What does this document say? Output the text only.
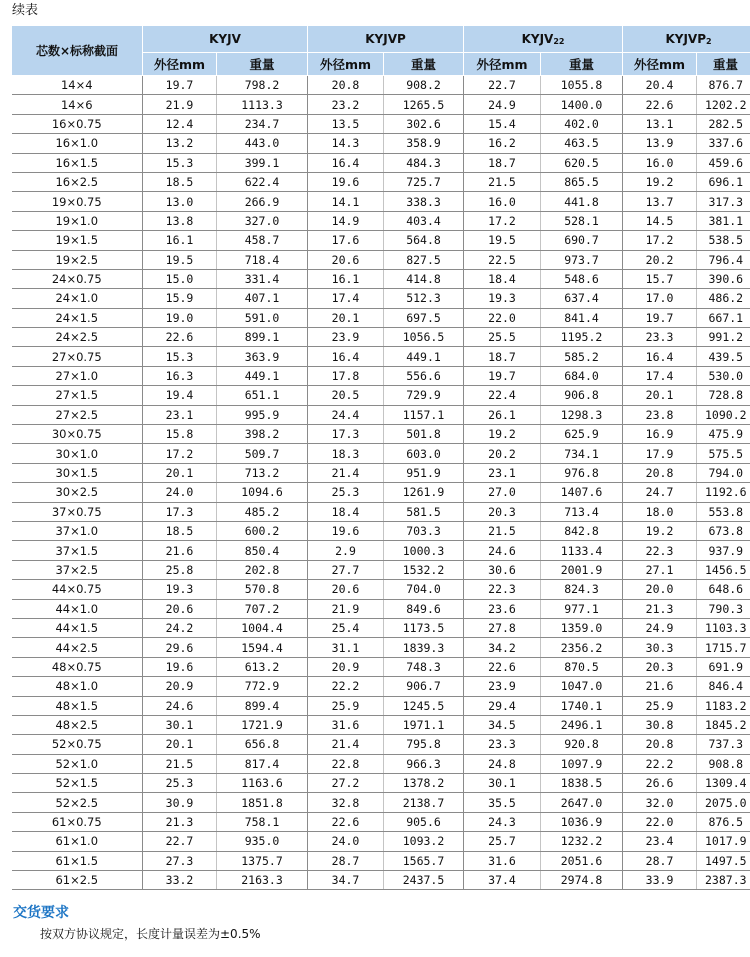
续表
芯数×标称截面	KYJV		KYJVP		$KYJV_{22}$		$KYJVP_2$
	外径mm	重量	外径mm	重量	外径mm	重量	外径mm	重量
14×4	19.7	798.2	20.8	908.2	22.7	1055.8	20.4	876.7
14×6	21.9	1113.3	23.2	1265.5	24.9	1400.0	22.6	1202.2
16×0.75	12.4	234.7	13.5	302.6	15.4	402.0	13.1	282.5
16×1.0	13.2	443.0	14.3	358.9	16.2	463.5	13.9	337.6
16×1.5	15.3	399.1	16.4	484.3	18.7	620.5	16.0	459.6
16×2.5	18.5	622.4	19.6	725.7	21.5	865.5	19.2	696.1
19×0.75	13.0	266.9	14.1	338.3	16.0	441.8	13.7	317.3
19×1.0	13.8	327.0	14.9	403.4	17.2	528.1	14.5	381.1
19×1.5	16.1	458.7	17.6	564.8	19.5	690.7	17.2	538.5
19×2.5	19.5	718.4	20.6	827.5	22.5	973.7	20.2	796.4
24×0.75	15.0	331.4	16.1	414.8	18.4	548.6	15.7	390.6
24×1.0	15.9	407.1	17.4	512.3	19.3	637.4	17.0	486.2
24×1.5	19.0	591.0	20.1	697.5	22.0	841.4	19.7	667.1
24×2.5	22.6	899.1	23.9	1056.5	25.5	1195.2	23.3	991.2
27×0.75	15.3	363.9	16.4	449.1	18.7	585.2	16.4	439.5
27×1.0	16.3	449.1	17.8	556.6	19.7	684.0	17.4	530.0
27×1.5	19.4	651.1	20.5	729.9	22.4	906.8	20.1	728.8
27×2.5	23.1	995.9	24.4	1157.1	26.1	1298.3	23.8	1090.2
30×0.75	15.8	398.2	17.3	501.8	19.2	625.9	16.9	475.9
30×1.0	17.2	509.7	18.3	603.0	20.2	734.1	17.9	575.5
30×1.5	20.1	713.2	21.4	951.9	23.1	976.8	20.8	794.0
30×2.5	24.0	1094.6	25.3	1261.9	27.0	1407.6	24.7	1192.6
37×0.75	17.3	485.2	18.4	581.5	20.3	713.4	18.0	553.8
37×1.0	18.5	600.2	19.6	703.3	21.5	842.8	19.2	673.8
37×1.5	21.6	850.4	2.9	1000.3	24.6	1133.4	22.3	937.9
37×2.5	25.8	202.8	27.7	1532.2	30.6	2001.9	27.1	1456.5
44×0.75	19.3	570.8	20.6	704.0	22.3	824.3	20.0	648.6
44×1.0	20.6	707.2	21.9	849.6	23.6	977.1	21.3	790.3
44×1.5	24.2	1004.4	25.4	1173.5	27.8	1359.0	24.9	1103.3
44×2.5	29.6	1594.4	31.1	1839.3	34.2	2356.2	30.3	1715.7
48×0.75	19.6	613.2	20.9	748.3	22.6	870.5	20.3	691.9
48×1.0	20.9	772.9	22.2	906.7	23.9	1047.0	21.6	846.4
48×1.5	24.6	899.4	25.9	1245.5	29.4	1740.1	25.9	1183.2
48×2.5	30.1	1721.9	31.6	1971.1	34.5	2496.1	30.8	1845.2
52×0.75	20.1	656.8	21.4	795.8	23.3	920.8	20.8	737.3
52×1.0	21.5	817.4	22.8	966.3	24.8	1097.9	22.2	908.8
52×1.5	25.3	1163.6	27.2	1378.2	30.1	1838.5	26.6	1309.4
52×2.5	30.9	1851.8	32.8	2138.7	35.5	2647.0	32.0	2075.0
61×0.75	21.3	758.1	22.6	905.6	24.3	1036.9	22.0	876.5
61×1.0	22.7	935.0	24.0	1093.2	25.7	1232.2	23.4	1017.9
61×1.5	27.3	1375.7	28.7	1565.7	31.6	2051.6	28.7	1497.5
61×2.5	33.2	2163.3	34.7	2437.5	37.4	2974.8	33.9	2387.3
交货要求
按双方协议规定，长度计量误差为±0.5%
